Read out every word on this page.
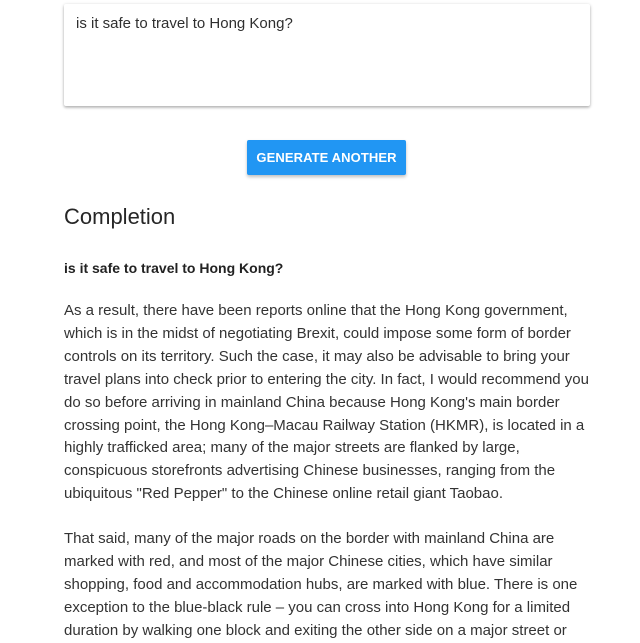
is it safe to travel to Hong Kong?
GENERATE ANOTHER
Completion

is it safe to travel to Hong Kong?

As a result, there have been reports online that the Hong Kong government, which is in the midst of negotiating Brexit, could impose some form of border controls on its territory. Such the case, it may also be advisable to bring your travel plans into check prior to entering the city. In fact, I would recommend you do so before arriving in mainland China because Hong Kong's main border crossing point, the Hong Kong–Macau Railway Station (HKMR), is located in a highly trafficked area; many of the major streets are flanked by large, conspicuous storefronts advertising Chinese businesses, ranging from the ubiquitous "Red Pepper" to the Chinese online retail giant Taobao.

That said, many of the major roads on the border with mainland China are marked with red, and most of the major Chinese cities, which have similar shopping, food and accommodation hubs, are marked with blue. There is one exception to the blue-black rule – you can cross into Hong Kong for a limited duration by walking one block and exiting the other side on a major street or
